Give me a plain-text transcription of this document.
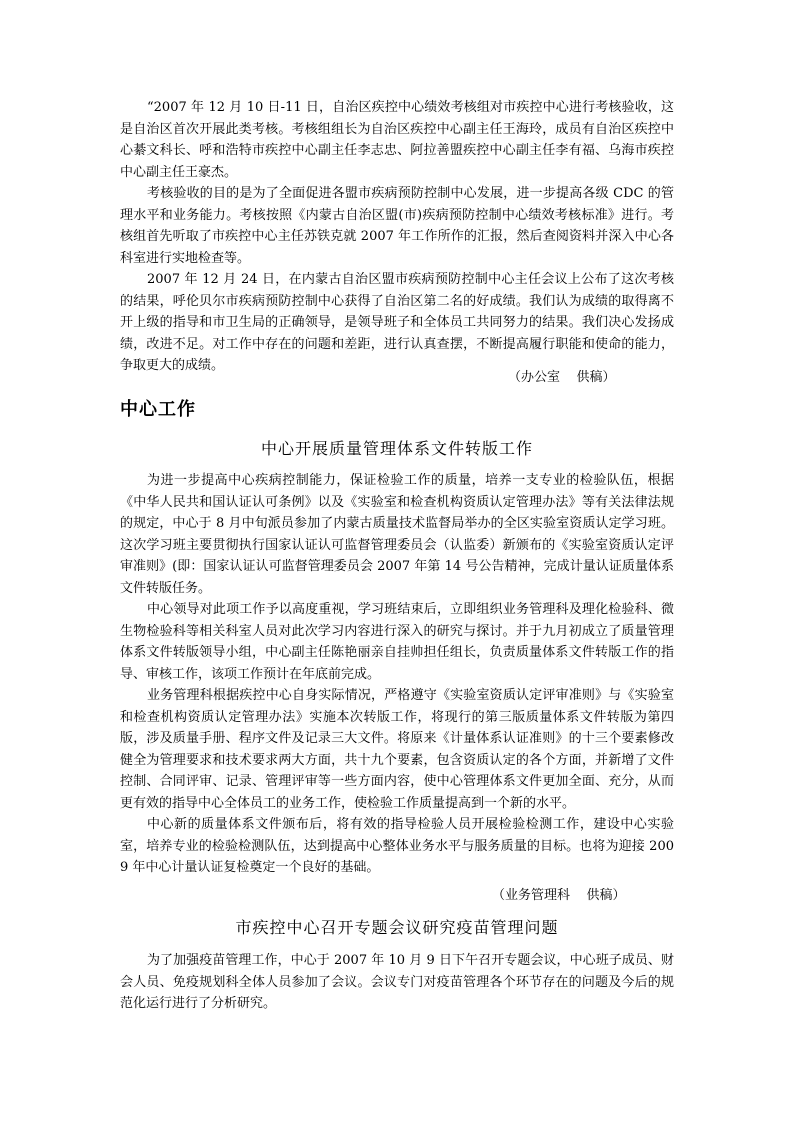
“2007 年 12 月 10 日-11 日，自治区疾控中心绩效考核组对市疾控中心进行考核验收，这是自治区首次开展此类考核。考核组组长为自治区疾控中心副主任王海玲，成员有自治区疾控中心綦文科长、呼和浩特市疾控中心副主任李志忠、阿拉善盟疾控中心副主任李有福、乌海市疾控中心副主任王豪杰。

考核验收的目的是为了全面促进各盟市疾病预防控制中心发展，进一步提高各级 CDC 的管理水平和业务能力。考核按照《内蒙古自治区盟(市)疾病预防控制中心绩效考核标准》进行。考核组首先听取了市疾控中心主任苏铁克就 2007 年工作所作的汇报，然后查阅资料并深入中心各科室进行实地检查等。

2007 年 12 月 24 日，在内蒙古自治区盟市疾病预防控制中心主任会议上公布了这次考核的结果，呼伦贝尔市疾病预防控制中心获得了自治区第二名的好成绩。我们认为成绩的取得离不开上级的指导和市卫生局的正确领导，是领导班子和全体员工共同努力的结果。我们决心发扬成绩，改进不足。对工作中存在的问题和差距，进行认真查摆，不断提高履行职能和使命的能力，争取更大的成绩。

（办公室    供稿）
中心工作
中心开展质量管理体系文件转版工作

为进一步提高中心疾病控制能力，保证检验工作的质量，培养一支专业的检验队伍，根据《中华人民共和国认证认可条例》以及《实验室和检查机构资质认定管理办法》等有关法律法规的规定，中心于 8 月中旬派员参加了内蒙古质量技术监督局举办的全区实验室资质认定学习班。这次学习班主要贯彻执行国家认证认可监督管理委员会（认监委）新颁布的《实验室资质认定评审准则》(即：国家认证认可监督管理委员会 2007 年第 14 号公告精神，完成计量认证质量体系文件转版任务。

中心领导对此项工作予以高度重视，学习班结束后，立即组织业务管理科及理化检验科、微生物检验科等相关科室人员对此次学习内容进行深入的研究与探讨。并于九月初成立了质量管理体系文件转版领导小组，中心副主任陈艳丽亲自挂帅担任组长，负责质量体系文件转版工作的指导、审核工作，该项工作预计在年底前完成。

业务管理科根据疾控中心自身实际情况，严格遵守《实验室资质认定评审准则》与《实验室和检查机构资质认定管理办法》实施本次转版工作，将现行的第三版质量体系文件转版为第四版，涉及质量手册、程序文件及记录三大文件。将原来《计量体系认证准则》的十三个要素修改健全为管理要求和技术要求两大方面，共十九个要素，包含资质认定的各个方面，并新增了文件控制、合同评审、记录、管理评审等一些方面内容，使中心管理体系文件更加全面、充分，从而更有效的指导中心全体员工的业务工作，使检验工作质量提高到一个新的水平。

中心新的质量体系文件颁布后，将有效的指导检验人员开展检验检测工作，建设中心实验室，培养专业的检验检测队伍，达到提高中心整体业务水平与服务质量的目标。也将为迎接 2009 年中心计量认证复检奠定一个良好的基础。

（业务管理科    供稿）
市疾控中心召开专题会议研究疫苗管理问题

为了加强疫苗管理工作，中心于 2007 年 10 月 9 日下午召开专题会议，中心班子成员、财会人员、免疫规划科全体人员参加了会议。会议专门对疫苗管理各个环节存在的问题及今后的规范化运行进行了分析研究。
